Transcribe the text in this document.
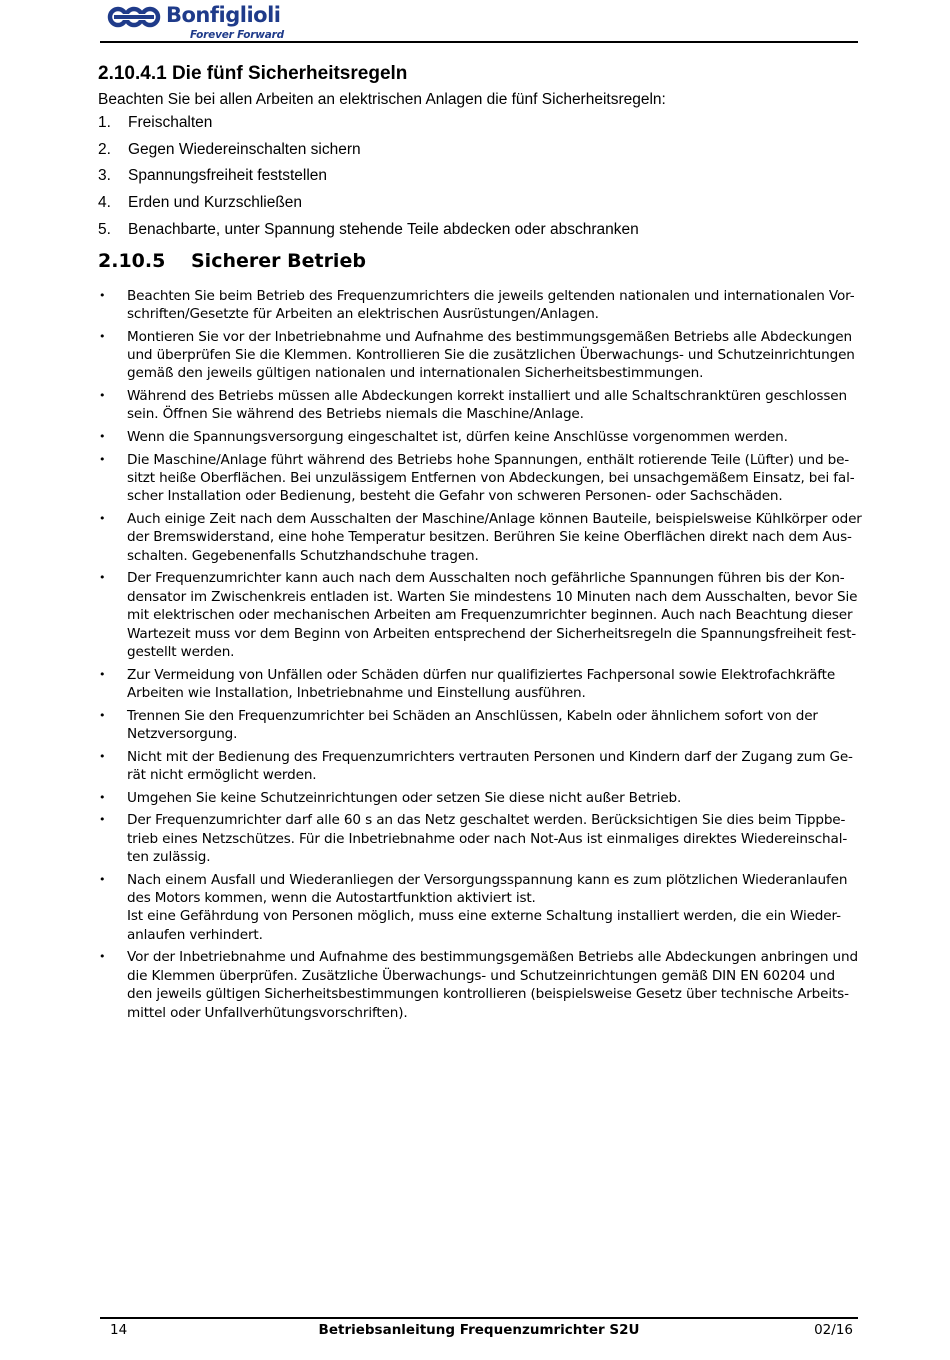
Bonfiglioli
Forever Forward
2.10.4.1 Die fünf Sicherheitsregeln

Beachten Sie bei allen Arbeiten an elektrischen Anlagen die fünf Sicherheitsregeln:

1. Freischalten
2. Gegen Wiedereinschalten sichern
3. Spannungsfreiheit feststellen
4. Erden und Kurzschließen
5. Benachbarte, unter Spannung stehende Teile abdecken oder abschranken
2.10.5	Sicherer Betrieb
• Beachten Sie beim Betrieb des Frequenzumrichters die jeweils geltenden nationalen und internationalen Vor-
schriften/Gesetzte für Arbeiten an elektrischen Ausrüstungen/Anlagen.
• Montieren Sie vor der Inbetriebnahme und Aufnahme des bestimmungsgemäßen Betriebs alle Abdeckungen
und überprüfen Sie die Klemmen. Kontrollieren Sie die zusätzlichen Überwachungs- und Schutzeinrichtungen
gemäß den jeweils gültigen nationalen und internationalen Sicherheitsbestimmungen.
• Während des Betriebs müssen alle Abdeckungen korrekt installiert und alle Schaltschranktüren geschlossen
sein. Öffnen Sie während des Betriebs niemals die Maschine/Anlage.
• Wenn die Spannungsversorgung eingeschaltet ist, dürfen keine Anschlüsse vorgenommen werden.
• Die Maschine/Anlage führt während des Betriebs hohe Spannungen, enthält rotierende Teile (Lüfter) und be-
sitzt heiße Oberflächen. Bei unzulässigem Entfernen von Abdeckungen, bei unsachgemäßem Einsatz, bei fal-
scher Installation oder Bedienung, besteht die Gefahr von schweren Personen- oder Sachschäden.
• Auch einige Zeit nach dem Ausschalten der Maschine/Anlage können Bauteile, beispielsweise Kühlkörper oder
der Bremswiderstand, eine hohe Temperatur besitzen. Berühren Sie keine Oberflächen direkt nach dem Aus-
schalten. Gegebenenfalls Schutzhandschuhe tragen.
• Der Frequenzumrichter kann auch nach dem Ausschalten noch gefährliche Spannungen führen bis der Kon-
densator im Zwischenkreis entladen ist. Warten Sie mindestens 10 Minuten nach dem Ausschalten, bevor Sie
mit elektrischen oder mechanischen Arbeiten am Frequenzumrichter beginnen. Auch nach Beachtung dieser
Wartezeit muss vor dem Beginn von Arbeiten entsprechend der Sicherheitsregeln die Spannungsfreiheit fest-
gestellt werden.
• Zur Vermeidung von Unfällen oder Schäden dürfen nur qualifiziertes Fachpersonal sowie Elektrofachkräfte
Arbeiten wie Installation, Inbetriebnahme und Einstellung ausführen.
• Trennen Sie den Frequenzumrichter bei Schäden an Anschlüssen, Kabeln oder ähnlichem sofort von der
Netzversorgung.
• Nicht mit der Bedienung des Frequenzumrichters vertrauten Personen und Kindern darf der Zugang zum Ge-
rät nicht ermöglicht werden.
• Umgehen Sie keine Schutzeinrichtungen oder setzen Sie diese nicht außer Betrieb.
• Der Frequenzumrichter darf alle 60 s an das Netz geschaltet werden. Berücksichtigen Sie dies beim Tippbe-
trieb eines Netzschützes. Für die Inbetriebnahme oder nach Not-Aus ist einmaliges direktes Wiedereinschal-
ten zulässig.
• Nach einem Ausfall und Wiederanliegen der Versorgungsspannung kann es zum plötzlichen Wiederanlaufen
des Motors kommen, wenn die Autostartfunktion aktiviert ist.
Ist eine Gefährdung von Personen möglich, muss eine externe Schaltung installiert werden, die ein Wieder-
anlaufen verhindert.
• Vor der Inbetriebnahme und Aufnahme des bestimmungsgemäßen Betriebs alle Abdeckungen anbringen und
die Klemmen überprüfen. Zusätzliche Überwachungs- und Schutzeinrichtungen gemäß DIN EN 60204 und
den jeweils gültigen Sicherheitsbestimmungen kontrollieren (beispielsweise Gesetz über technische Arbeits-
mittel oder Unfallverhütungsvorschriften).
14	Betriebsanleitung Frequenzumrichter S2U	02/16
